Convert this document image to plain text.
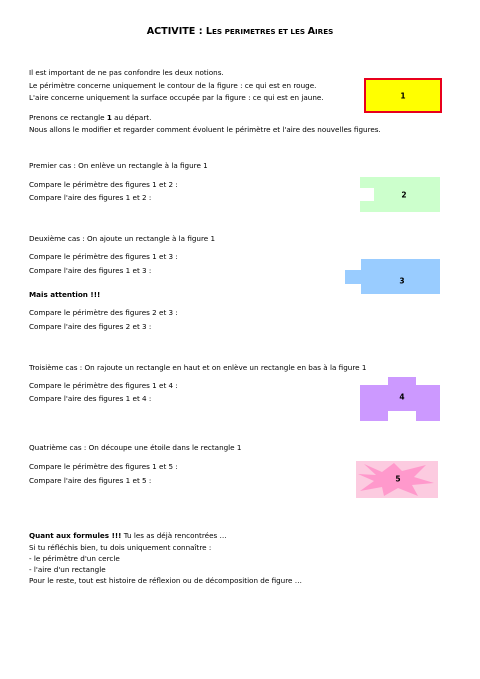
ACTIVITE : LES PERIMETRES ET LES AIRES
Il est important de ne pas confondre les deux notions.
Le périmètre concerne uniquement le contour de la figure : ce qui est en rouge.
L'aire concerne uniquement la surface occupée par la figure : ce qui est en jaune.
Prenons ce rectangle 1 au départ.
Nous allons le modifier et regarder comment évoluent le périmètre et l'aire des nouvelles figures.
1
Premier cas : On enlève un rectangle à la figure 1
Compare le périmètre des figures 1 et 2 :
Compare l'aire des figures 1 et 2 :	2
Deuxième cas : On ajoute un rectangle à la figure 1
Compare le périmètre des figures 1 et 3 :
Compare l'aire des figures 1 et 3 :
Mais attention !!!
Compare le périmètre des figures 2 et 3 :
Compare l'aire des figures 2 et 3 :
3
Troisième cas : On rajoute un rectangle en haut et on enlève un rectangle en bas à la figure 1
Compare le périmètre des figures 1 et 4 :
Compare l'aire des figures 1 et 4 :	4
Quatrième cas : On découpe une étoile dans le rectangle 1
Compare le périmètre des figures 1 et 5 :
Compare l'aire des figures 1 et 5 :	5
Quant aux formules !!! Tu les as déjà rencontrées …
Si tu réfléchis bien, tu dois uniquement connaître :
- le périmètre d'un cercle
- l'aire d'un rectangle
Pour le reste, tout est histoire de réflexion ou de décomposition de figure …
